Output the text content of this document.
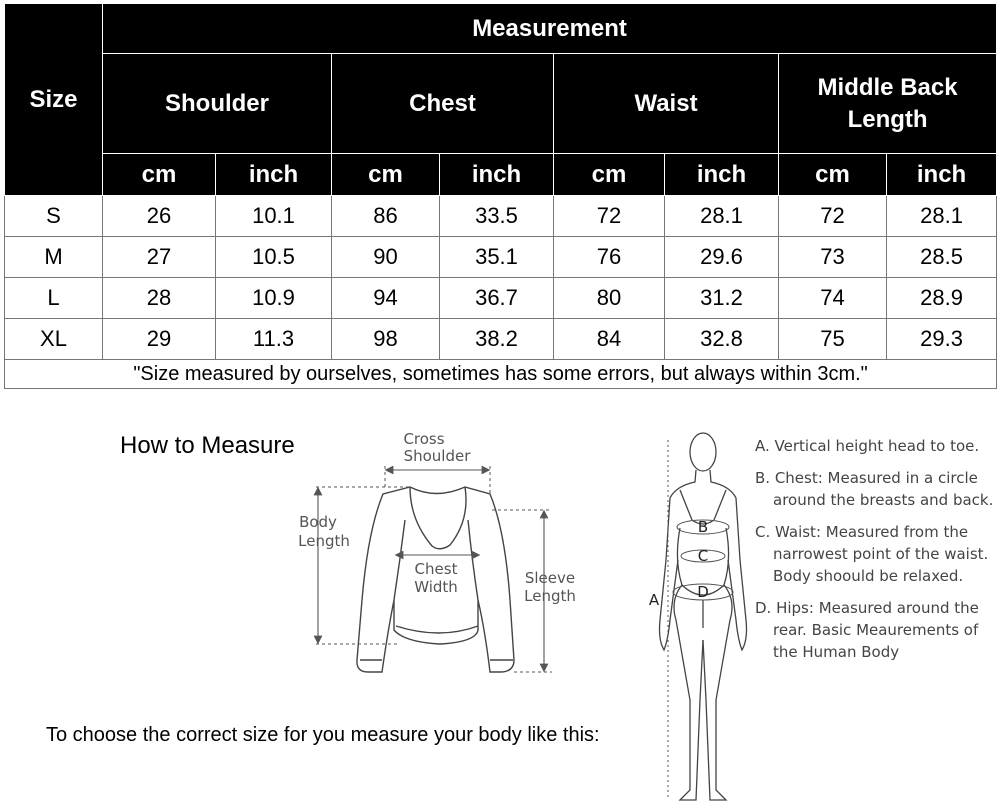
Size	Measurement							
	Shoulder		Chest		Waist		Middle Back Length	
	cm	inch	cm	inch	cm	inch	cm	inch
S	26	10.1	86	33.5	72	28.1	72	28.1
M	27	10.5	90	35.1	76	29.6	73	28.5
L	28	10.9	94	36.7	80	31.2	74	28.9
XL	29	11.3	98	38.2	84	32.8	75	29.3
"Size measured by ourselves, sometimes has some errors, but always within 3cm."								
How to Measure
To choose the correct size for you measure your body like this:
Cross
Shoulder
Body
Length
Chest
Width	Sleeve
Length
B
C
D
A

A. Vertical height head to toe.

B. Chest: Measured in a circle around the breasts and back.

C. Waist: Measured from the narrowest point of the waist. Body shoould be relaxed.

D. Hips: Measured around the rear. Basic Meaurements of the Human Body
